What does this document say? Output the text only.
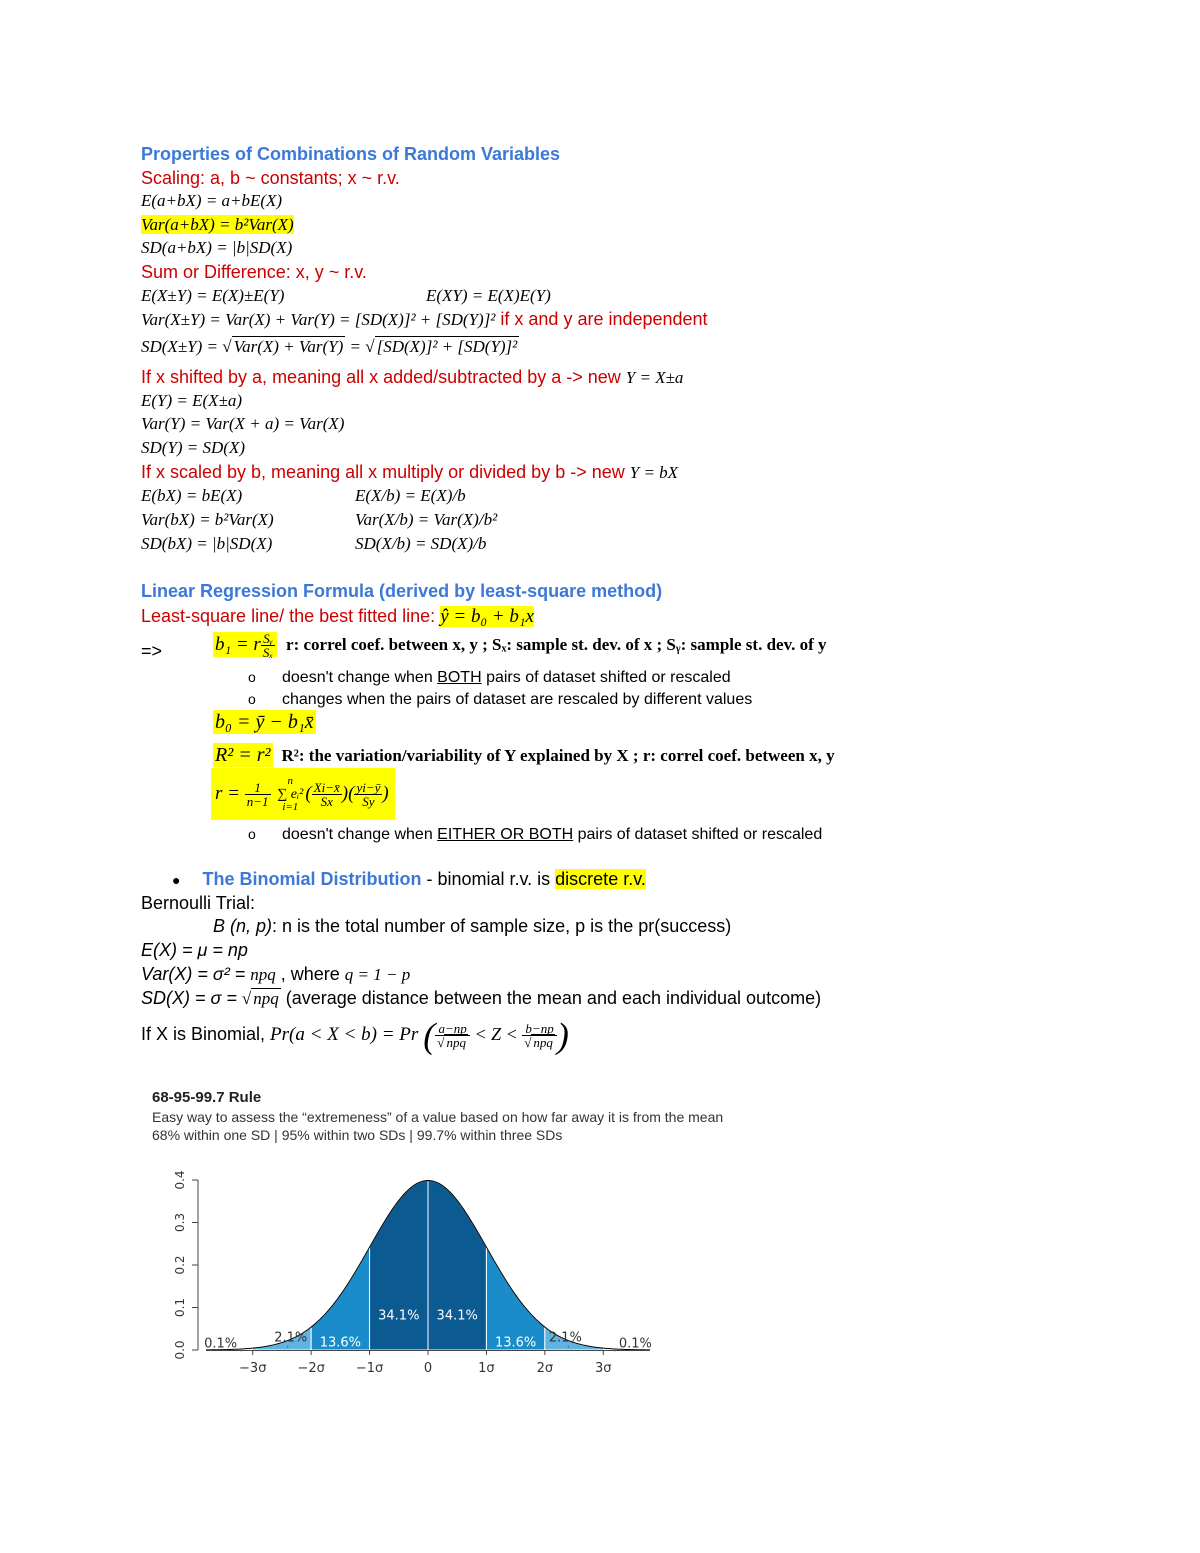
Properties of Combinations of Random Variables
Scaling: a, b ~ constants; x ~ r.v.
E(a+bX) = a+bE(X)
Var(a+bX) = b²Var(X)
SD(a+bX) = |b|SD(X)
Sum or Difference: x, y ~ r.v.
E(X±Y) = E(X)±E(Y)	E(XY) = E(X)E(Y)
Var(X±Y) = Var(X) + Var(Y) = [SD(X)]² + [SD(Y)]² if x and y are independent
SD(X±Y) = √ Var(X) + Var(Y) = √ [SD(X)]² + [SD(Y)]²
If x shifted by a, meaning all x added/subtracted by a -> new Y = X±a
E(Y) = E(X±a)
Var(Y) = Var(X + a) = Var(X)
SD(Y) = SD(X)
If x scaled by b, meaning all x multiply or divided by b -> new Y = bX
E(bX) = bE(X)	E(X/b) = E(X)/b
Var(bX) = b²Var(X)	Var(X/b) = Var(X)/b²
SD(bX) = |b|SD(X)	SD(X/b) = SD(X)/b
Linear Regression Formula (derived by least-square method)
Least-square line/ the best fitted line: ŷ = b₀ + b₁x
=>	b₁ = r $\frac{\text{Sᵧ}}{\text{Sₓ}} r$: correl coef. between x, y ; Sₓ: sample st. dev. of x ; Sᵧ: sample st. dev. of y
o doesn't change when BOTH pairs of dataset shifted or rescaled
o changes when the pairs of dataset are rescaled by different values
b₀ = ȳ − b₁x̄
R² = r² R²: the variation/variability of Y explained by X ; r: correl coef. between x, y
$r = \frac{1}{n-1}$
	n
∑ eᵢ²
i=1
( $\frac{Xi-x̄}{Sx}$ )( $\frac{yi-ȳ}{Sy}$ )
o doesn't change when EITHER OR BOTH pairs of dataset shifted or rescaled
● The Binomial Distribution - binomial r.v. is discrete r.v.
Bernoulli Trial:
B (n, p): n is the total number of sample size, p is the pr(success)
E(X) = μ = np
Var(X) = σ² = npq , where q = 1 − p
SD(X) = σ = √ npq (average distance between the mean and each individual outcome)
If X is Binomial, Pr(a < X < b) = Pr ( a−np
√ npq < Z < b−np
√ npq )
68-95-99.7 Rule
Easy way to assess the “extremeness” of a value based on how far away it is from the mean
68% within one SD | 95% within two SDs | 99.7% within three SDs
0.0
0.1
0.2
0.3
0.4
−3σ −2σ −1σ	0	1σ	2σ	3σ
0.1%	2.1% 13.6%
34.1% 34.1%
13.6% 2.1%	0.1%
